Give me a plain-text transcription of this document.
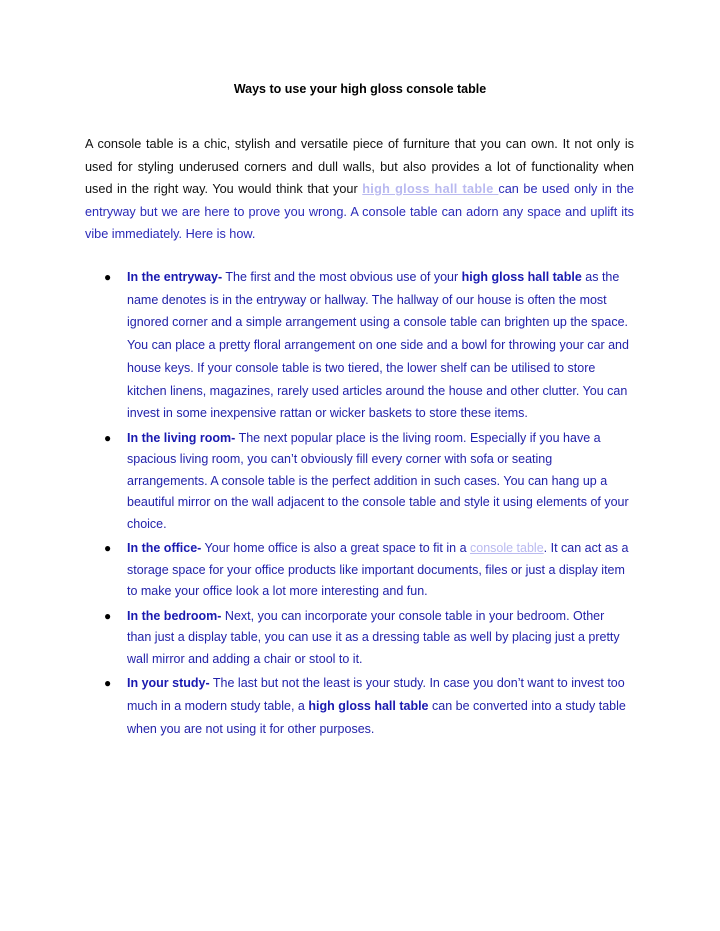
Ways to use your high gloss console table

A console table is a chic, stylish and versatile piece of furniture that you can own. It not only is used for styling underused corners and dull walls, but also provides a lot of functionality when used in the right way. You would think that your high gloss hall table can be used only in the entryway but we are here to prove you wrong. A console table can adorn any space and uplift its vibe immediately. Here is how.

● In the entryway- The first and the most obvious use of your high gloss hall table as the name denotes is in the entryway or hallway. The hallway of our house is often the most ignored corner and a simple arrangement using a console table can brighten up the space. You can place a pretty floral arrangement on one side and a bowl for throwing your car and house keys. If your console table is two tiered, the lower shelf can be utilised to store kitchen linens, magazines, rarely used articles around the house and other clutter. You can invest in some inexpensive rattan or wicker baskets to store these items.
● In the living room- The next popular place is the living room. Especially if you have a spacious living room, you can’t obviously fill every corner with sofa or seating arrangements. A console table is the perfect addition in such cases. You can hang up a beautiful mirror on the wall adjacent to the console table and style it using elements of your choice.
● In the office- Your home office is also a great space to fit in a console table. It can act as a storage space for your office products like important documents, files or just a display item to make your office look a lot more interesting and fun.
● In the bedroom- Next, you can incorporate your console table in your bedroom. Other than just a display table, you can use it as a dressing table as well by placing just a pretty wall mirror and adding a chair or stool to it.
● In your study- The last but not the least is your study. In case you don’t want to invest too much in a modern study table, a high gloss hall table can be converted into a study table when you are not using it for other purposes.
